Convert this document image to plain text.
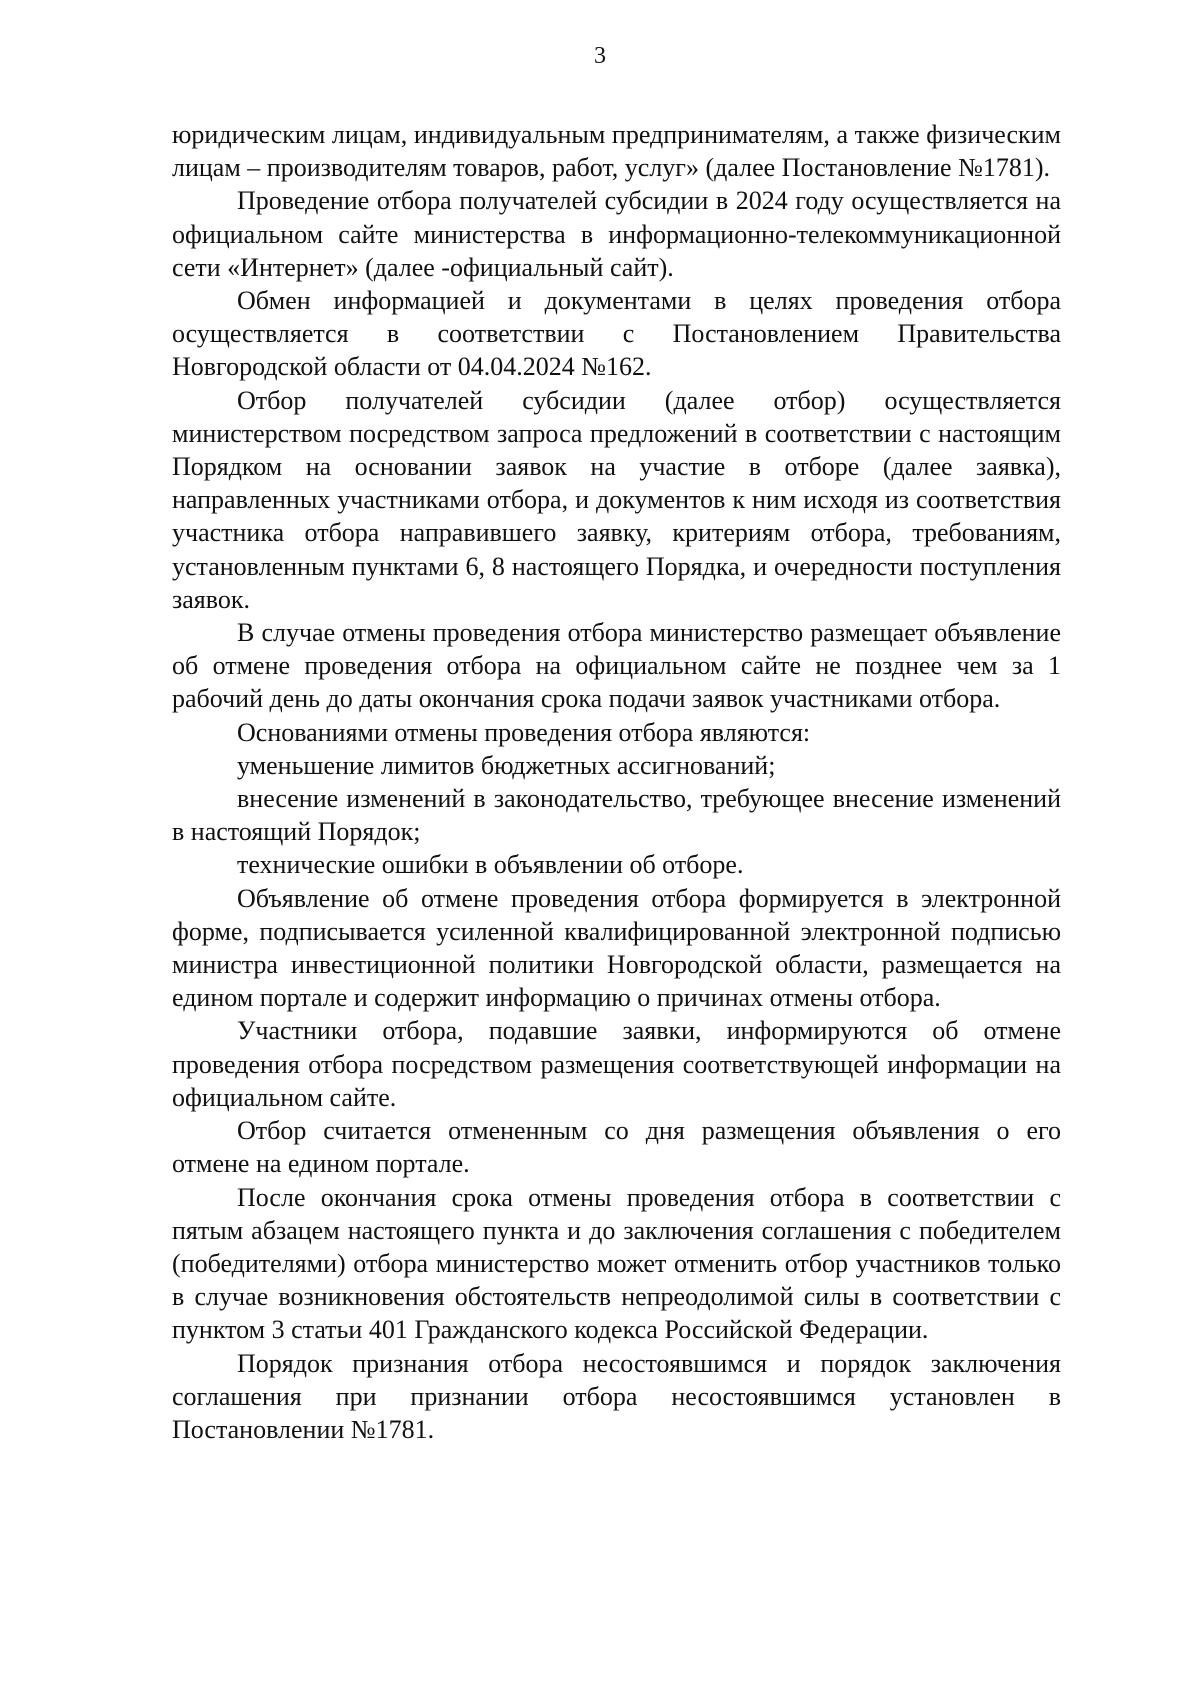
3

юридическим лицам, индивидуальным предпринимателям, а также физическим лицам – производителям товаров, работ, услуг» (далее Постановление №1781).

Проведение отбора получателей субсидии в 2024 году осуществляется на официальном сайте министерства в информационно-телекоммуникационной сети «Интернет» (далее -официальный сайт).

Обмен информацией и документами в целях проведения отбора осуществляется в соответствии с Постановлением Правительства Новгородской области от 04.04.2024 №162.

Отбор получателей субсидии (далее отбор) осуществляется министерством посредством запроса предложений в соответствии с настоящим Порядком на основании заявок на участие в отборе (далее заявка), направленных участниками отбора, и документов к ним исходя из соответствия участника отбора направившего заявку, критериям отбора, требованиям, установленным пунктами 6, 8 настоящего Порядка, и очередности поступления заявок.

В случае отмены проведения отбора министерство размещает объявление об отмене проведения отбора на официальном сайте не позднее чем за 1 рабочий день до даты окончания срока подачи заявок участниками отбора.

Основаниями отмены проведения отбора являются:

уменьшение лимитов бюджетных ассигнований;

внесение изменений в законодательство, требующее внесение изменений в настоящий Порядок;

технические ошибки в объявлении об отборе.

Объявление об отмене проведения отбора формируется в электронной форме, подписывается усиленной квалифицированной электронной подписью министра инвестиционной политики Новгородской области, размещается на едином портале и содержит информацию о причинах отмены отбора.

Участники отбора, подавшие заявки, информируются об отмене проведения отбора посредством размещения соответствующей информации на официальном сайте.

Отбор считается отмененным со дня размещения объявления о его отмене на едином портале.

После окончания срока отмены проведения отбора в соответствии с пятым абзацем настоящего пункта и до заключения соглашения с победителем (победителями) отбора министерство может отменить отбор участников только в случае возникновения обстоятельств непреодолимой силы в соответствии с пунктом 3 статьи 401 Гражданского кодекса Российской Федерации.

Порядок признания отбора несостоявшимся и порядок заключения соглашения при признании отбора несостоявшимся установлен в Постановлении №1781.
